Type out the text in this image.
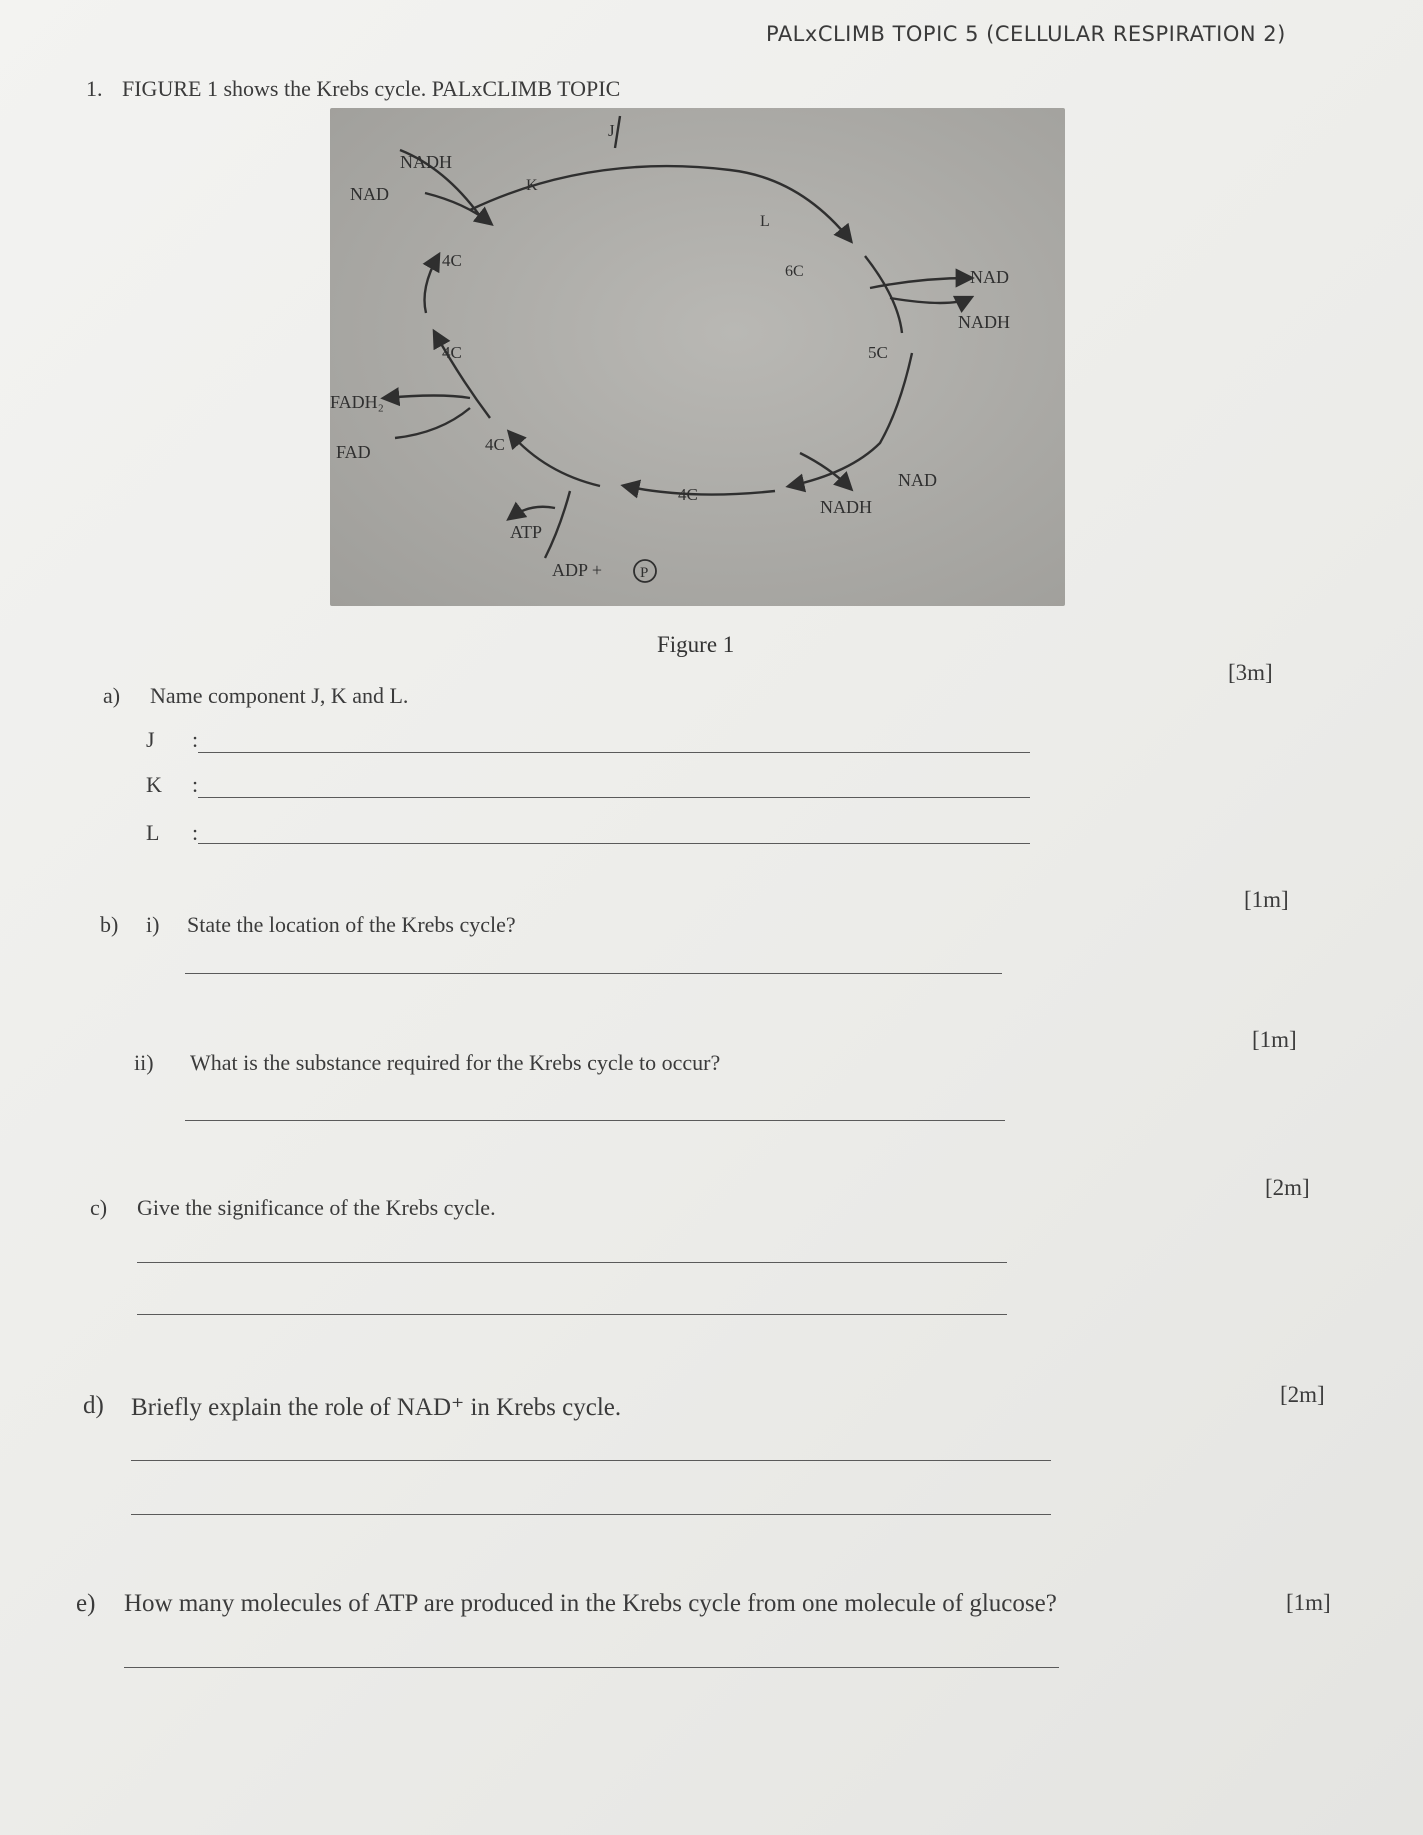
PALxCLIMB TOPIC 5 (CELLULAR RESPIRATION 2)
1. FIGURE 1 shows the Krebs cycle. PALxCLIMB TOPIC
J
K
L
NADH
NAD
4C
6C	NAD
NADH
5C
4C
FADH₂
FAD	4C
4C
NAD
NADH
ATP
ADP +	P
Figure 1
[3m]
a) Name component J, K and L.
J :
K :
L :
[1m]
b) i) State the location of the Krebs cycle?
[1m]
ii) What is the substance required for the Krebs cycle to occur?
[2m]
c) Give the significance of the Krebs cycle.
[2m]
d) Briefly explain the role of NAD⁺ in Krebs cycle.
e) How many molecules of ATP are produced in the Krebs cycle from one molecule of glucose?	[1m]
